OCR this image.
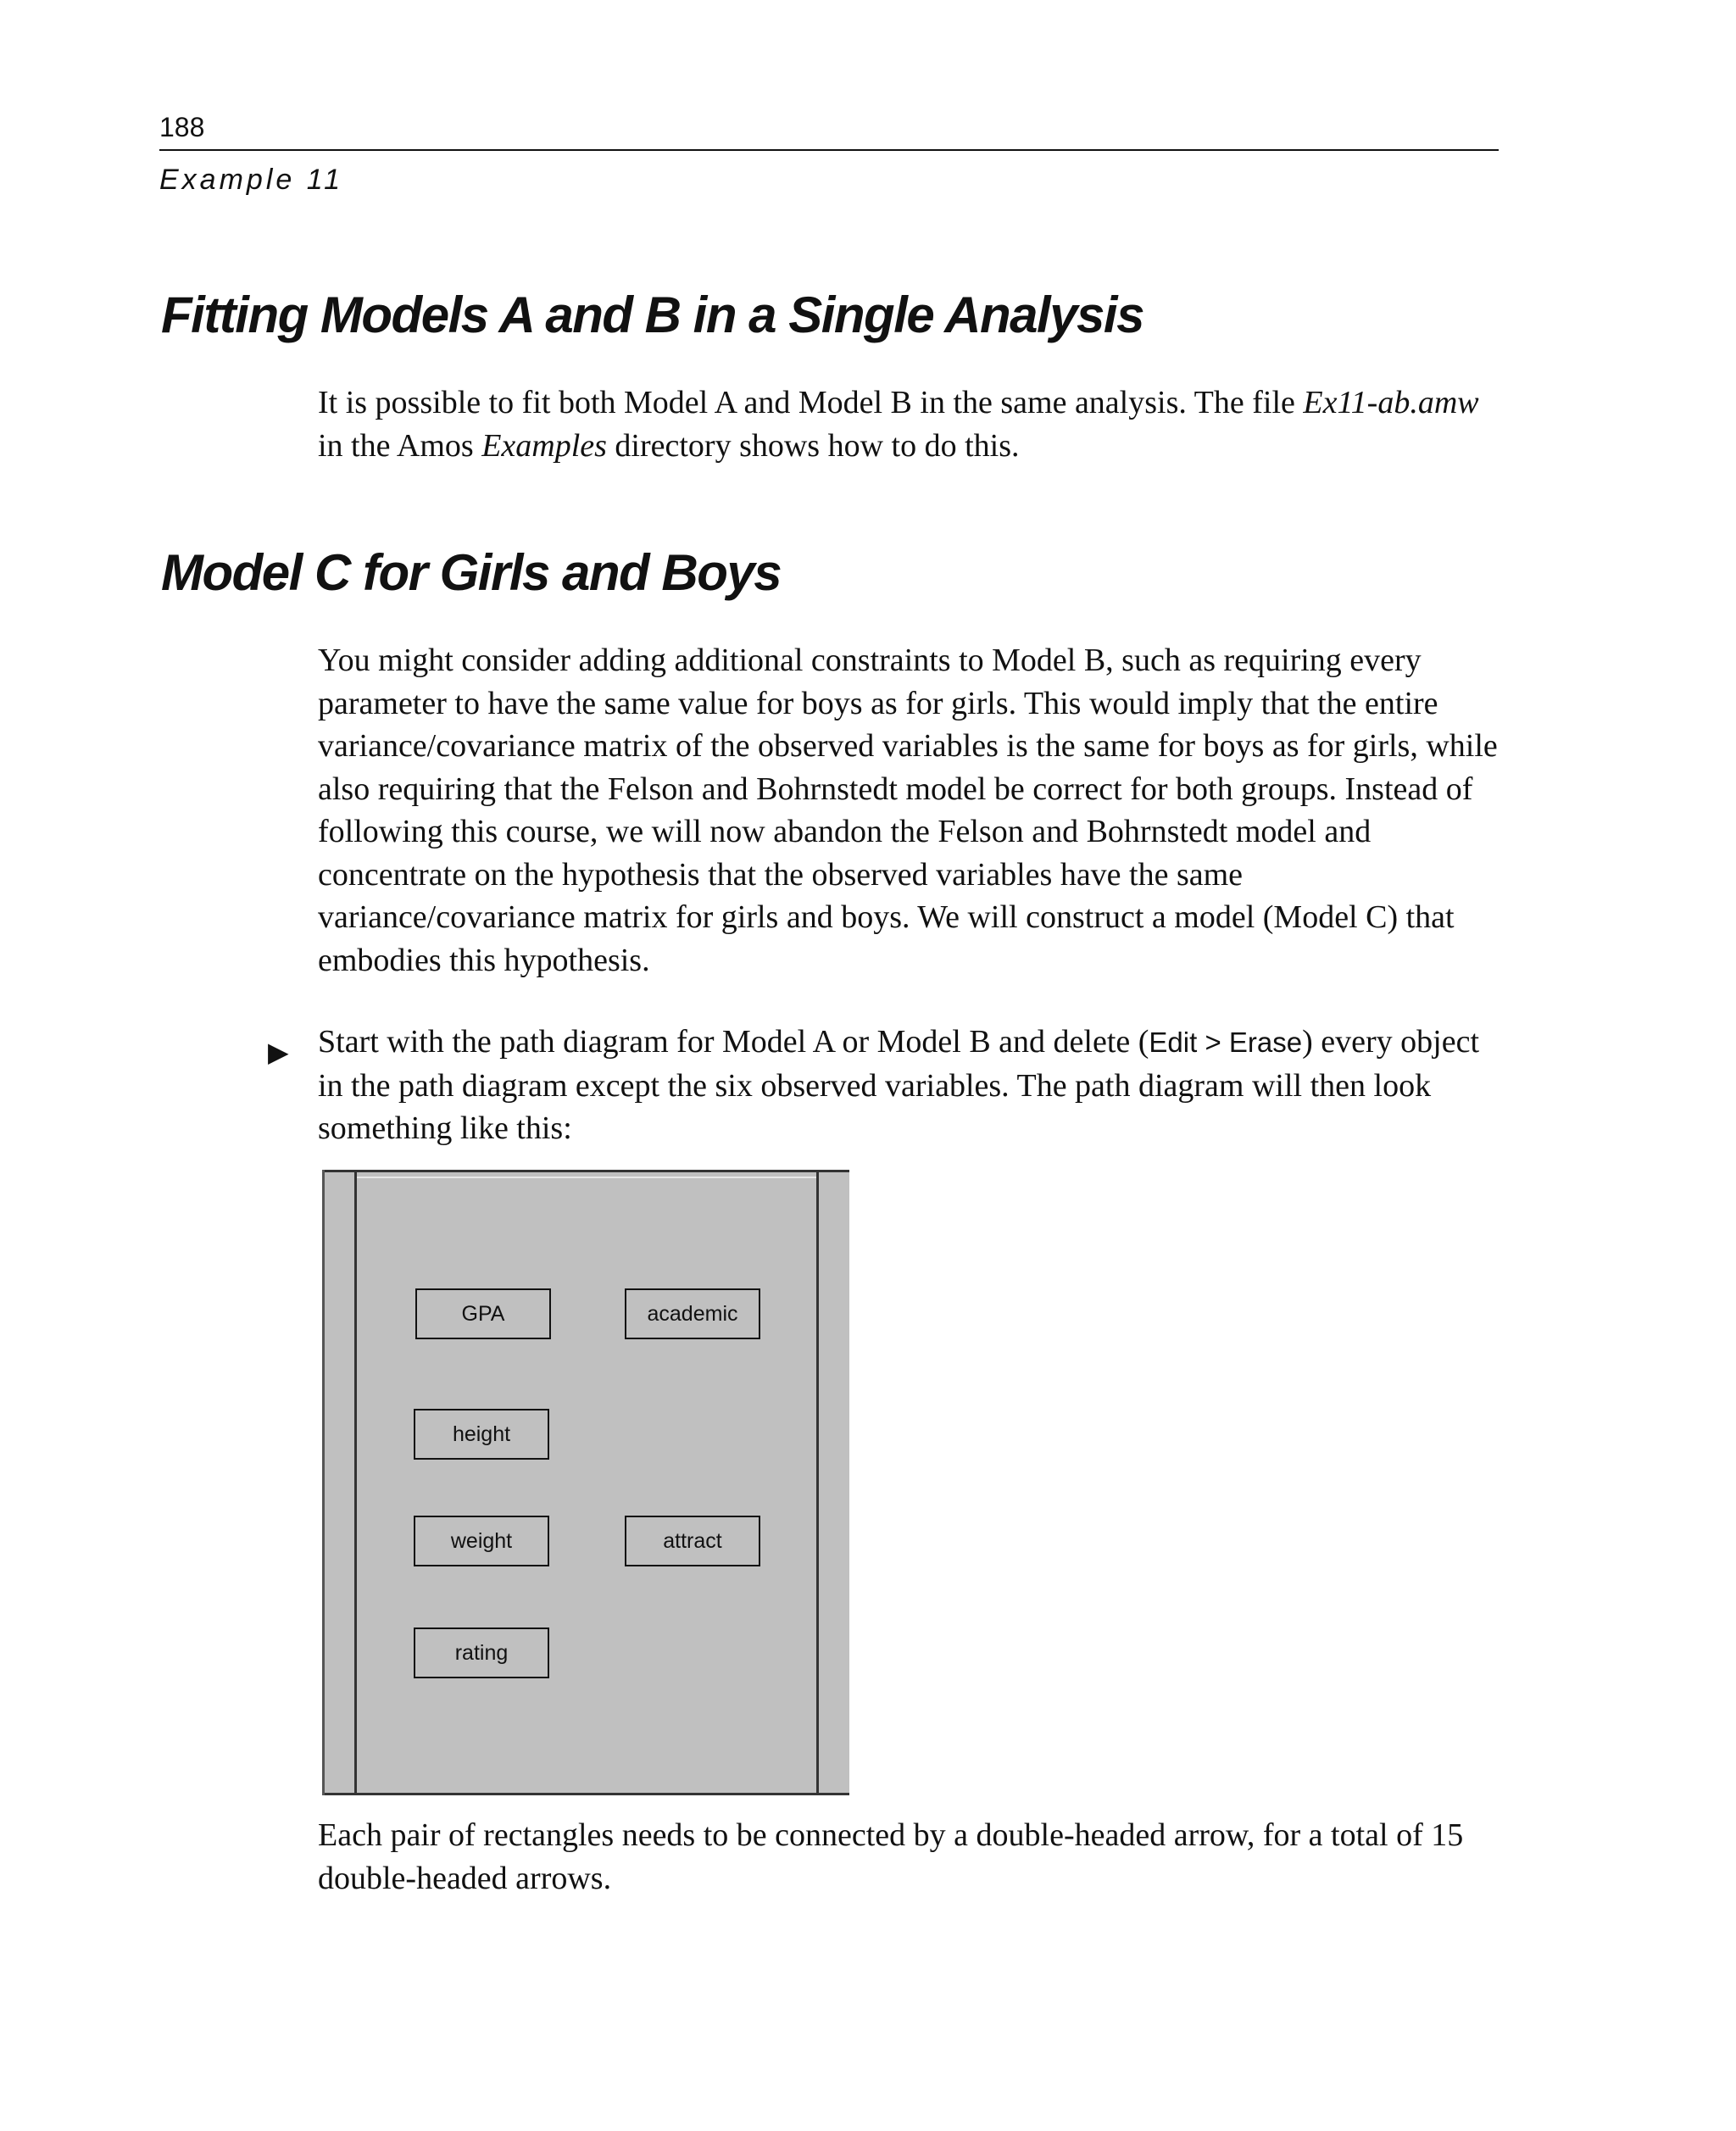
188
Example 11
Fitting Models A and B in a Single Analysis

It is possible to fit both Model A and Model B in the same analysis. The file Ex11-ab.amw in the Amos Examples directory shows how to do this.

Model C for Girls and Boys

You might consider adding additional constraints to Model B, such as requiring every parameter to have the same value for boys as for girls. This would imply that the entire variance/covariance matrix of the observed variables is the same for boys as for girls, while also requiring that the Felson and Bohrnstedt model be correct for both groups. Instead of following this course, we will now abandon the Felson and Bohrnstedt model and concentrate on the hypothesis that the observed variables have the same variance/covariance matrix for girls and boys. We will construct a model (Model C) that embodies this hypothesis.

▶ Start with the path diagram for Model A or Model B and delete (Edit > Erase) every object in the path diagram except the six observed variables. The path diagram will then look something like this:

GPA	academic
height
weight	attract
rating

Each pair of rectangles needs to be connected by a double-headed arrow, for a total of 15 double-headed arrows.
